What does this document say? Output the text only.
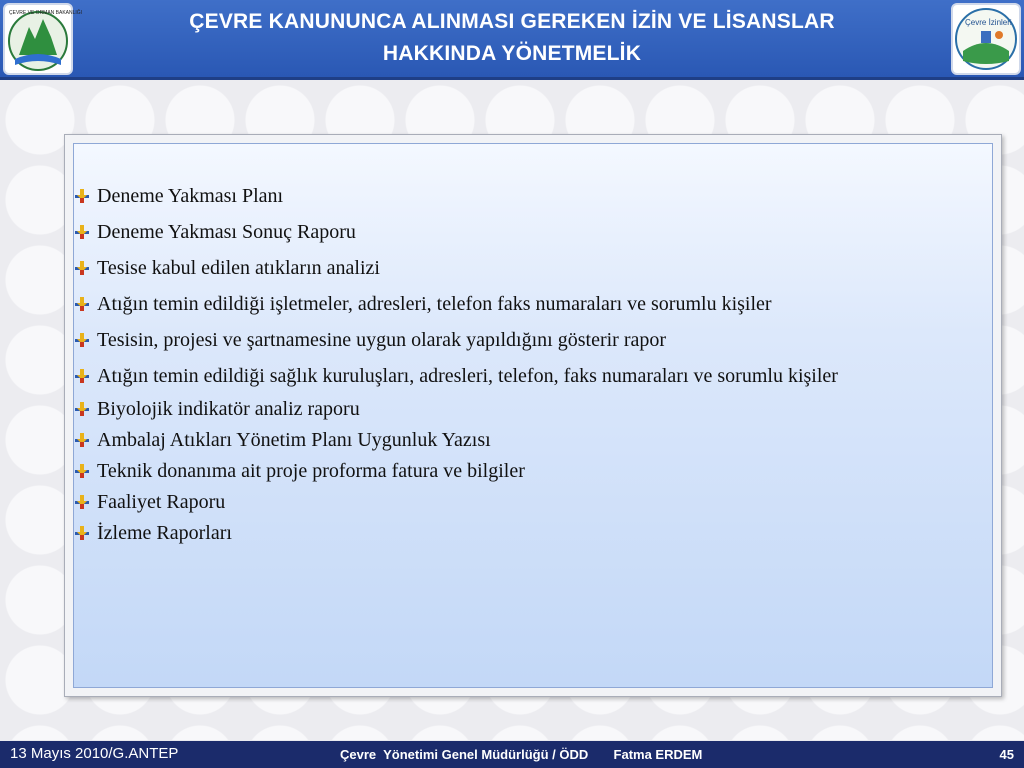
ÇEVRE VE ORMAN BAKANLIĞI	ÇEVRE KANUNUNCA ALINMASI GEREKEN İZİN VE LİSANSLAR
HAKKINDA YÖNETMELİK
Çevre İzinleri
Deneme Yakması Planı
Deneme Yakması Sonuç Raporu
Tesise kabul edilen atıkların analizi
Atığın temin edildiği işletmeler, adresleri, telefon faks numaraları ve sorumlu kişiler
Tesisin, projesi ve şartnamesine uygun olarak yapıldığını gösterir rapor
Atığın temin edildiği sağlık kuruluşları, adresleri, telefon, faks numaraları ve sorumlu kişiler
Biyolojik indikatör analiz raporu
Ambalaj Atıkları Yönetim Planı Uygunluk Yazısı
Teknik donanıma ait proje proforma fatura ve bilgiler
Faaliyet Raporu
İzleme Raporları
13 Mayıs 2010/G.ANTEP	Çevre  Yönetimi Genel Müdürlüğü / ÖDD       Fatma ERDEM	45
